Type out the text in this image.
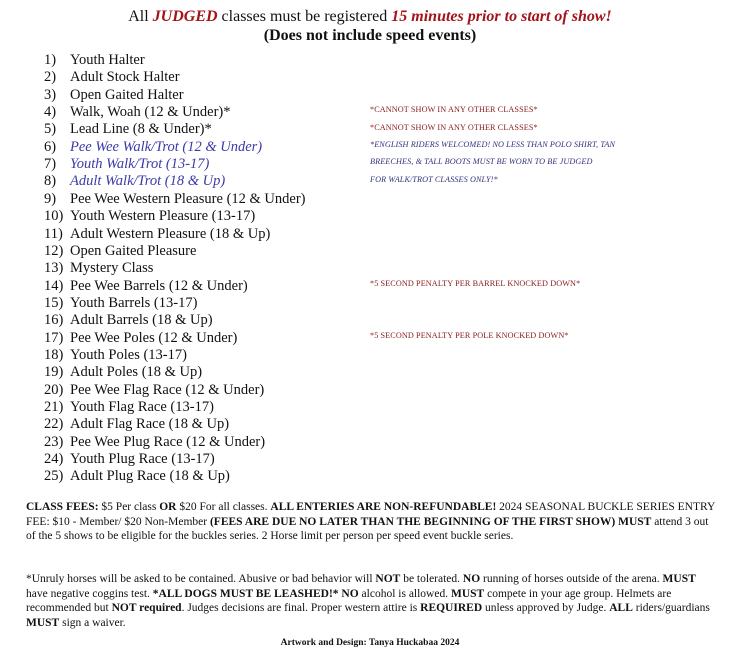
All JUDGED classes must be registered 15 minutes prior to start of show!
(Does not include speed events)
1) Youth Halter
2) Adult Stock Halter
3) Open Gaited Halter
4) Walk, Woah (12 & Under)*
5) Lead Line (8 & Under)*
6) Pee Wee Walk/Trot (12 & Under)
7) Youth Walk/Trot (13-17)
8) Adult Walk/Trot (18 & Up)
9) Pee Wee Western Pleasure (12 & Under)
10) Youth Western Pleasure (13-17)
11) Adult Western Pleasure (18 & Up)
12) Open Gaited Pleasure
13) Mystery Class
14) Pee Wee Barrels (12 & Under)
15) Youth Barrels (13-17)
16) Adult Barrels (18 & Up)
17) Pee Wee Poles (12 & Under)
18) Youth Poles (13-17)
19) Adult Poles (18 & Up)
20) Pee Wee Flag Race (12 & Under)
21) Youth Flag Race (13-17)
22) Adult Flag Race (18 & Up)
23) Pee Wee Plug Race (12 & Under)
24) Youth Plug Race (13-17)
25) Adult Plug Race (18 & Up)
*CANNOT SHOW IN ANY OTHER CLASSES*
*CANNOT SHOW IN ANY OTHER CLASSES*
*ENGLISH RIDERS WELCOMED! NO LESS THAN POLO SHIRT, TAN
BREECHES, & TALL BOOTS MUST BE WORN TO BE JUDGED
FOR WALK/TROT CLASSES ONLY!*
*5 SECOND PENALTY PER BARREL KNOCKED DOWN*
*5 SECOND PENALTY PER POLE KNOCKED DOWN*
CLASS FEES: $5 Per class OR $20 For all classes. ALL ENTERIES ARE NON-REFUNDABLE! 2024 SEASONAL BUCKLE SERIES ENTRY FEE: $10 - Member/ $20 Non-Member (FEES ARE DUE NO LATER THAN THE BEGINNING OF THE FIRST SHOW) MUST attend 3 out of the 5 shows to be eligible for the buckles series. 2 Horse limit per person per speed event buckle series.
*Unruly horses will be asked to be contained. Abusive or bad behavior will NOT be tolerated. NO running of horses outside of the arena. MUST have negative coggins test. *ALL DOGS MUST BE LEASHED!* NO alcohol is allowed. MUST compete in your age group. Helmets are recommended but NOT required. Judges decisions are final. Proper western attire is REQUIRED unless approved by Judge. ALL riders/guardians MUST sign a waiver.
Artwork and Design: Tanya Huckabaa 2024
